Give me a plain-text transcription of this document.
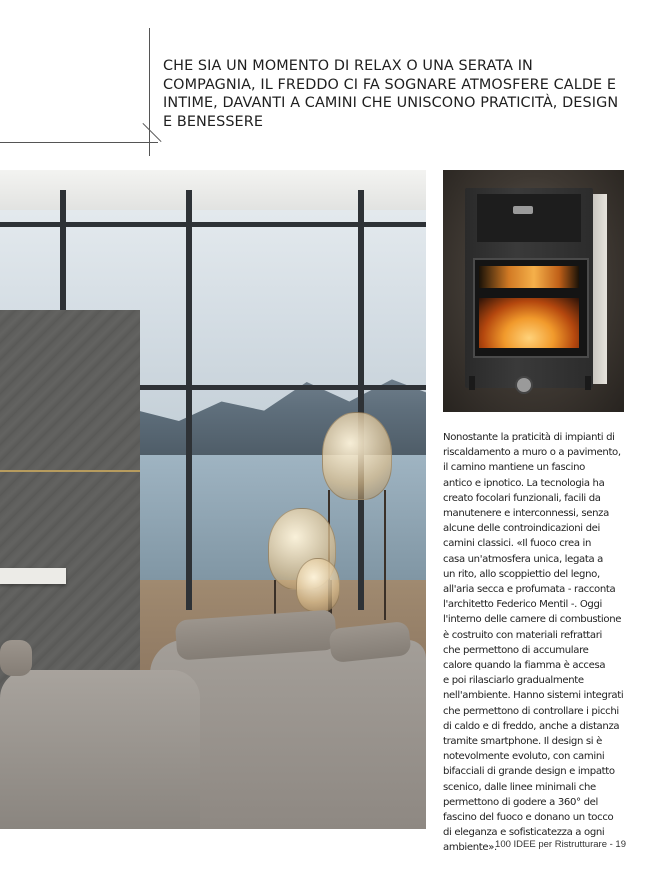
CHE SIA UN MOMENTO DI RELAX O UNA SERATA IN
COMPAGNIA, IL FREDDO CI FA SOGNARE ATMOSFERE CALDE E
INTIME, DAVANTI A CAMINI CHE UNISCONO PRATICITÀ, DESIGN
E BENESSERE

Nonostante la praticità di impianti di
riscaldamento a muro o a pavimento,
il camino mantiene un fascino
antico e ipnotico. La tecnologia ha
creato focolari funzionali, facili da
manutenere e interconnessi, senza
alcune delle controindicazioni dei
camini classici. «Il fuoco crea in
casa un'atmosfera unica, legata a
un rito, allo scoppiettio del legno,
all'aria secca e profumata - racconta
l'architetto Federico Mentil -. Oggi
l'interno delle camere di combustione
è costruito con materiali refrattari
che permettono di accumulare
calore quando la fiamma è accesa
e poi rilasciarlo gradualmente
nell'ambiente. Hanno sistemi integrati
che permettono di controllare i picchi
di caldo e di freddo, anche a distanza
tramite smartphone. Il design si è
notevolmente evoluto, con camini
bifacciali di grande design e impatto
scenico, dalle linee minimali che
permettono di godere a 360° del
fascino del fuoco e donano un tocco
di eleganza e sofisticatezza a ogni
ambiente».

100 IDEE per Ristrutturare - 19
